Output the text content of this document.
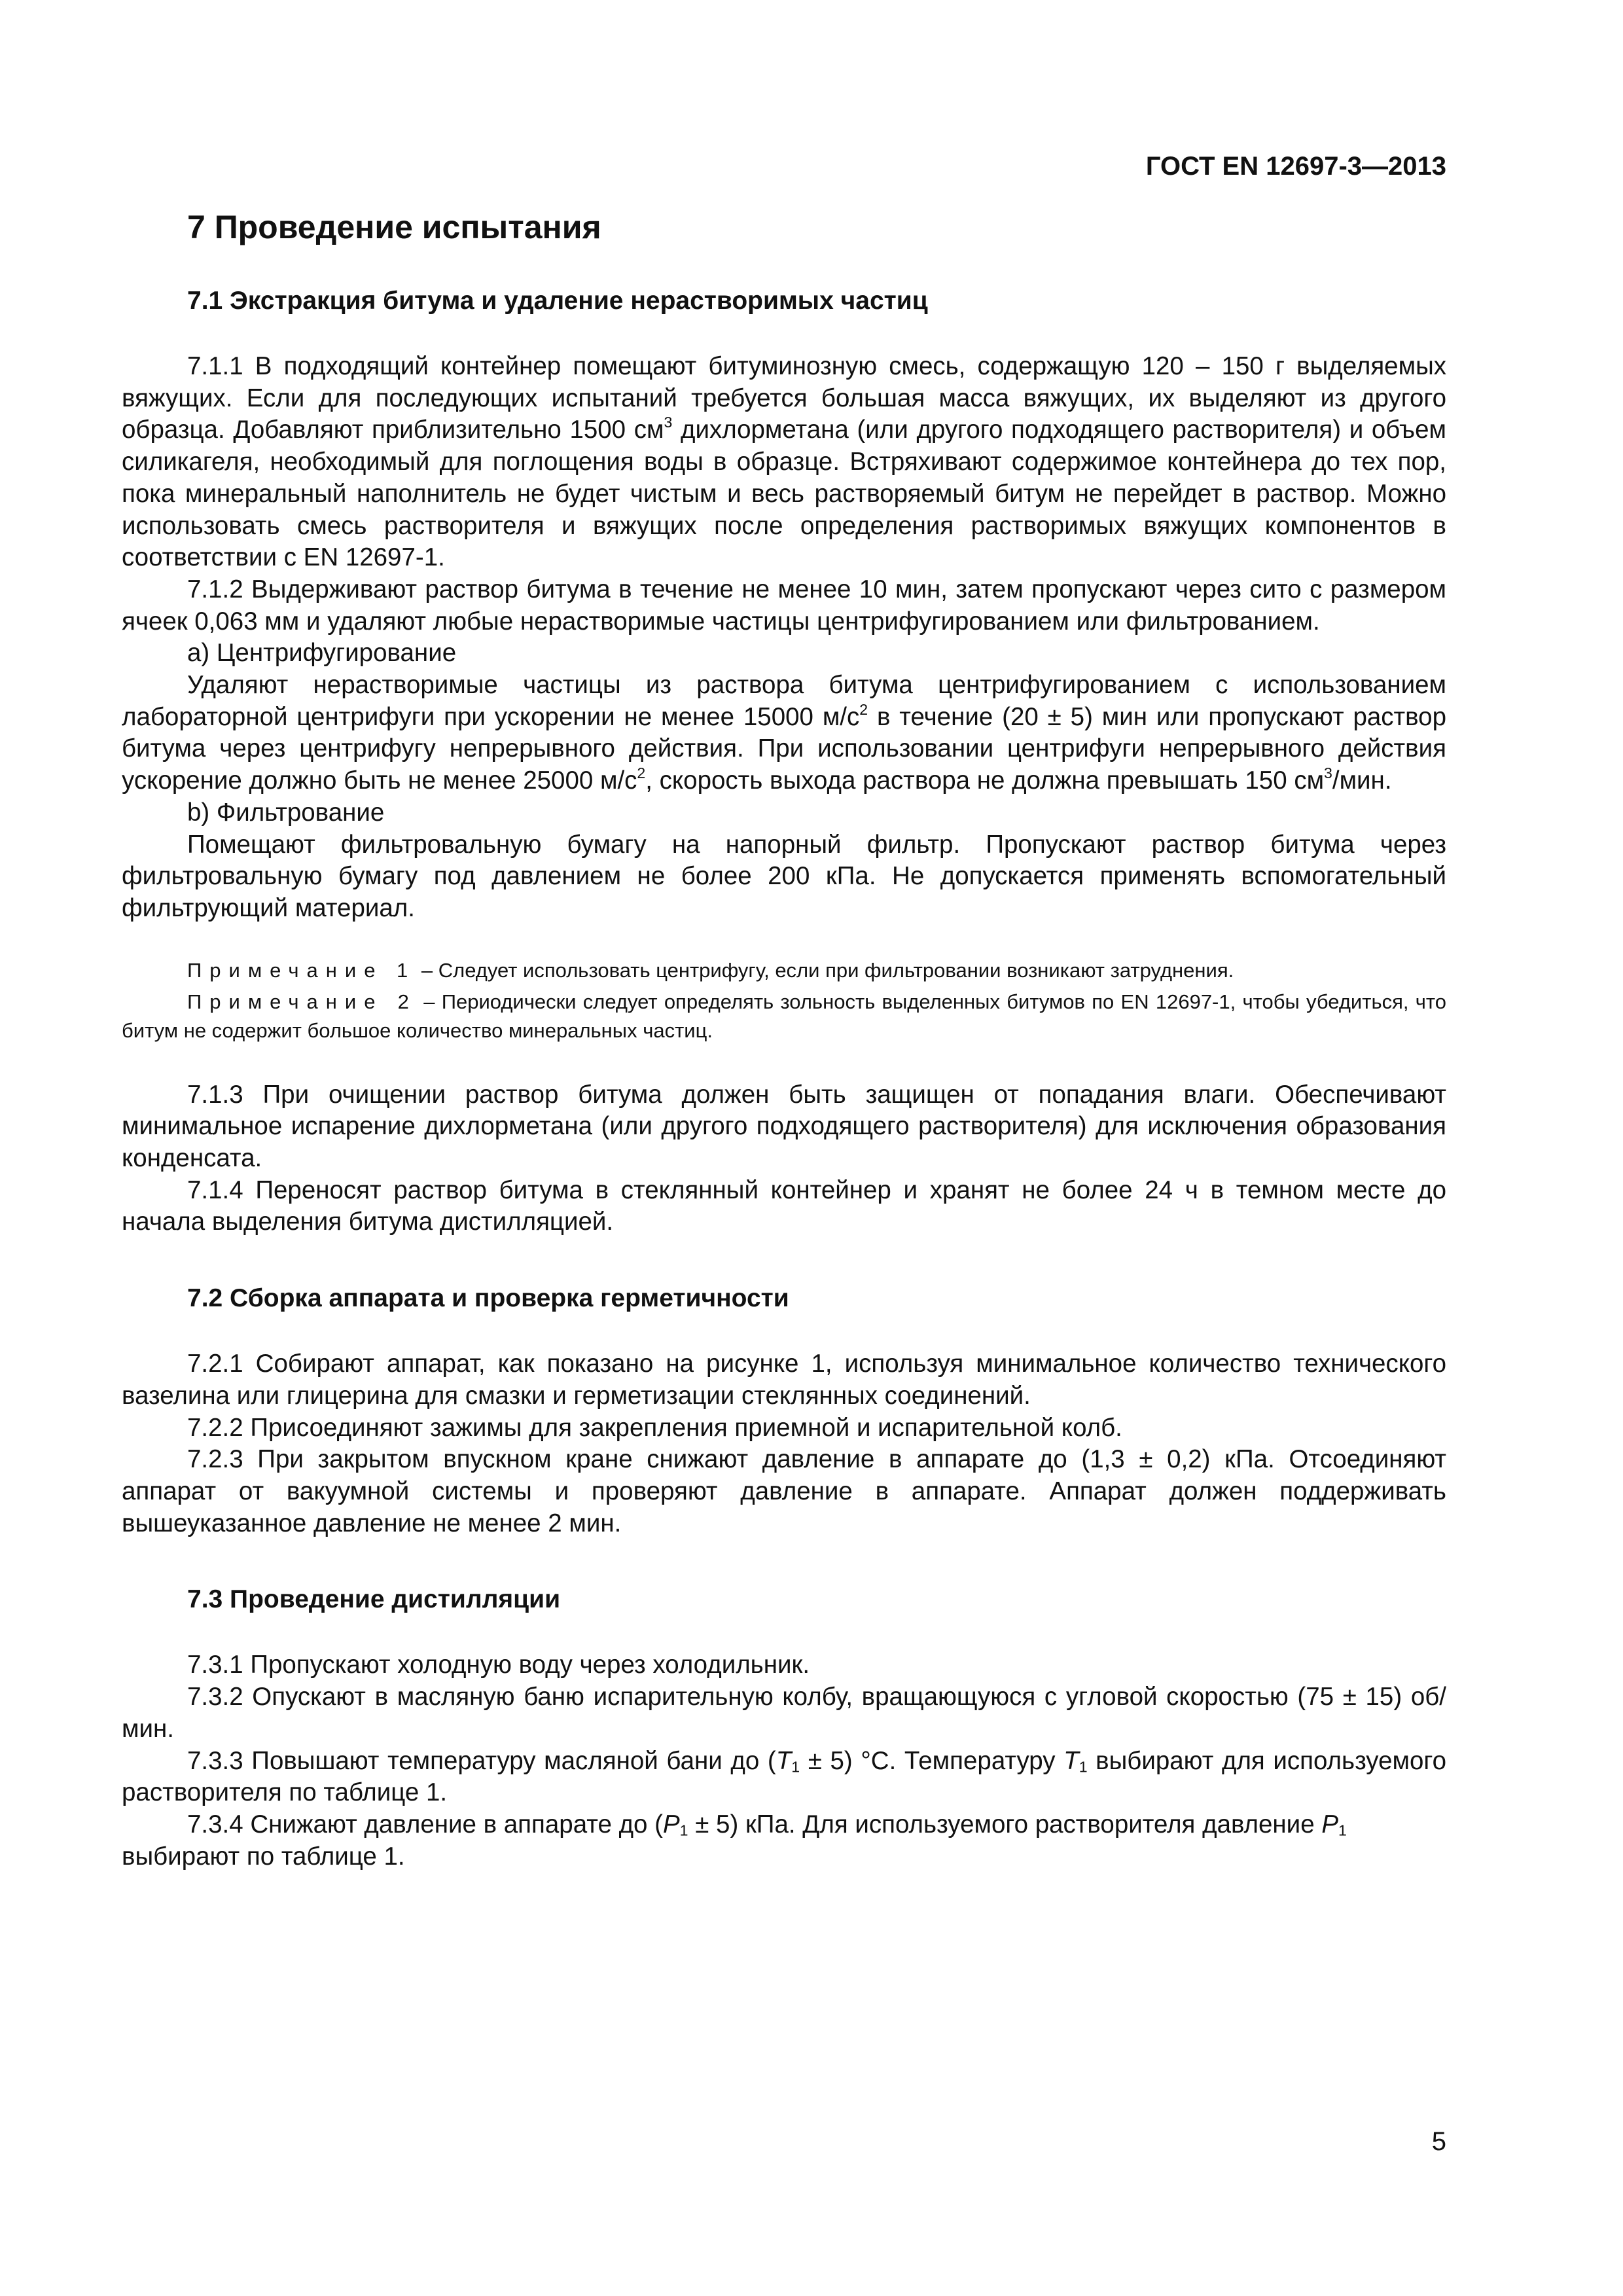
ГОСТ EN 12697-3—2013
7 Проведение испытания
7.1 Экстракция битума и удаление нерастворимых частиц

7.1.1 В подходящий контейнер помещают битуминозную смесь, содержащую 120 – 150 г выделяемых вяжущих. Если для последующих испытаний требуется большая масса вяжущих, их выделяют из другого образца. Добавляют приблизительно 1500 $см^3$ дихлорметана (или другого подходящего растворителя) и объем силикагеля, необходимый для поглощения воды в образце. Встряхивают содержимое контейнера до тех пор, пока минеральный наполнитель не будет чистым и весь растворяемый битум не перейдет в раствор. Можно использовать смесь растворителя и вяжущих после определения растворимых вяжущих компонентов в соответствии с EN 12697-1.

7.1.2 Выдерживают раствор битума в течение не менее 10 мин, затем пропускают через сито с размером ячеек 0,063 мм и удаляют любые нерастворимые частицы центрифугированием или фильтрованием.

a) Центрифугирование

Удаляют нерастворимые частицы из раствора битума центрифугированием с использованием лабораторной центрифуги при ускорении не менее 15000 $м/с^2$ в течение (20 ± 5) мин или пропускают раствор битума через центрифугу непрерывного действия. При использовании центрифуги непрерывного действия ускорение должно быть не менее 25000 $м/с^2$, скорость выхода раствора не должна превышать 150 $см^3$/мин.

b) Фильтрование

Помещают фильтровальную бумагу на напорный фильтр. Пропускают раствор битума через фильтровальную бумагу под давлением не более 200 кПа. Не допускается применять вспомогательный фильтрующий материал.

Примечание 1 – Следует использовать центрифугу, если при фильтровании возникают затруднения.

Примечание 2 – Периодически следует определять зольность выделенных битумов по EN 12697-1, чтобы убедиться, что битум не содержит большое количество минеральных частиц.

7.1.3 При очищении раствор битума должен быть защищен от попадания влаги. Обеспечивают минимальное испарение дихлорметана (или другого подходящего растворителя) для исключения образования конденсата.

7.1.4 Переносят раствор битума в стеклянный контейнер и хранят не более 24 ч в темном месте до начала выделения битума дистилляцией.

7.2 Сборка аппарата и проверка герметичности

7.2.1 Собирают аппарат, как показано на рисунке 1, используя минимальное количество технического вазелина или глицерина для смазки и герметизации стеклянных соединений.

7.2.2 Присоединяют зажимы для закрепления приемной и испарительной колб.

7.2.3 При закрытом впускном кране снижают давление в аппарате до (1,3 ± 0,2) кПа. Отсоединяют аппарат от вакуумной системы и проверяют давление в аппарате. Аппарат должен поддерживать вышеуказанное давление не менее 2 мин.

7.3 Проведение дистилляции

7.3.1 Пропускают холодную воду через холодильник.

7.3.2 Опускают в масляную баню испарительную колбу, вращающуюся с угловой скоростью (75 ± 15) об/мин.

7.3.3 Повышают температуру масляной бани до $(T_1 \pm 5)$ °С. Температуру $T_1$ выбирают для используемого растворителя по таблице 1.

7.3.4 Снижают давление в аппарате до $(P_1 \pm 5)$ кПа. Для используемого растворителя давление $P_1$ выбирают по таблице 1.

5
